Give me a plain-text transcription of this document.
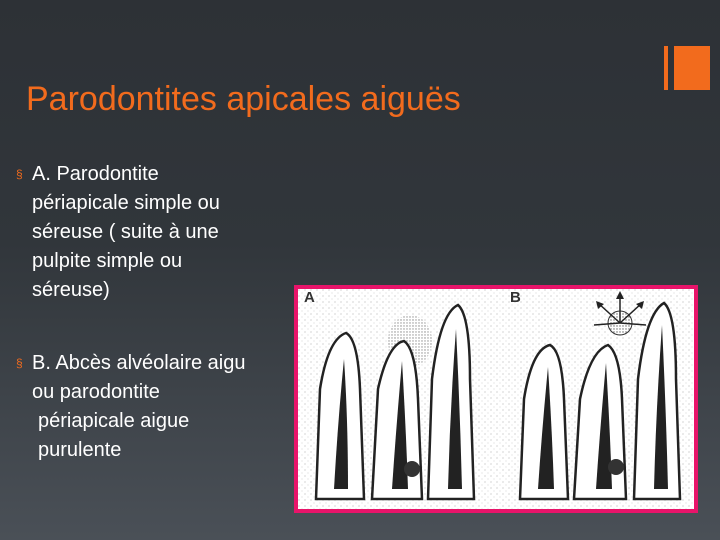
Parodontites apicales aiguës
§ A. Parodontite
périapicale simple ou
séreuse ( suite à une
pulpite simple ou
séreuse)
§ B. Abcès alvéolaire aigu
ou parodontite
périapicale aigue
purulente
A	B
